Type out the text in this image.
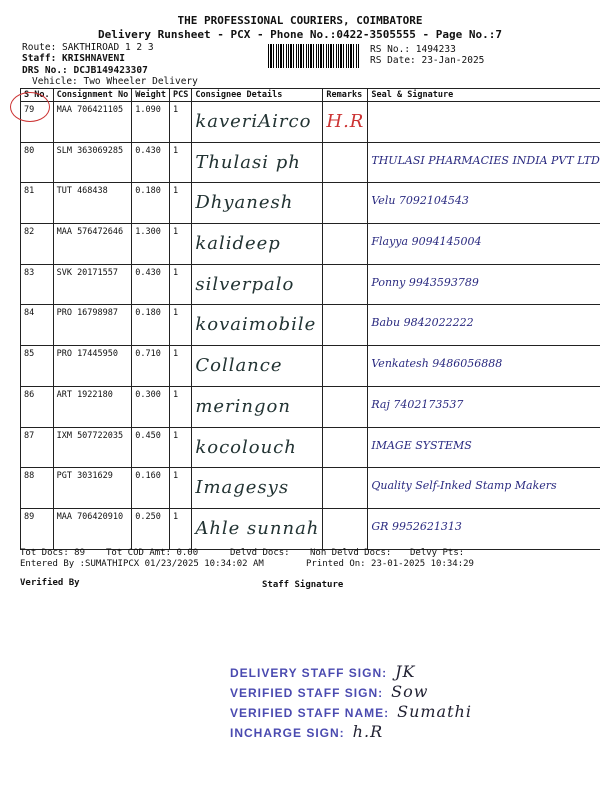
THE PROFESSIONAL COURIERS, COIMBATORE
Delivery Runsheet - PCX - Phone No.:0422-3505555 - Page No.:7
Route: SAKTHIROAD 1 2 3
Staff: KRISHNAVENI
DRS No.: DCJB149423307
Vehicle: Two Wheeler Delivery
RS No.: 1494233
RS Date: 23-Jan-2025
S No.	Consignment No	Weight	PCS	Consignee Details	Remarks	Seal & Signature
79	MAA 706421105	1.090	1	kaveriAirco	H.R	
80	SLM 363069285	0.430	1	Thulasi ph		THULASI PHARMACIES INDIA PVT LTD
81	TUT 468438	0.180	1	Dhyanesh		Velu 7092104543
82	MAA 576472646	1.300	1	kalideep		Flayya 9094145004
83	SVK 20171557	0.430	1	silverpalo		Ponny 9943593789
84	PRO 16798987	0.180	1	kovaimobile		Babu 9842022222
85	PRO 17445950	0.710	1	Collance		Venkatesh 9486056888
86	ART 1922180	0.300	1	meringon		Raj 7402173537
87	IXM 507722035	0.450	1	kocolouch		IMAGE SYSTEMS
88	PGT 3031629	0.160	1	Imagesys		Quality Self-Inked Stamp Makers
89	MAA 706420910	0.250	1	Ahle sunnah		GR 9952621313
Tot Docs: 89 Tot COD Amt: 0.00	Delvd Docs: Non Delvd Docs: Delvy Pts:
Entered By :SUMATHIPCX 01/23/2025 10:34:02 AM	Printed On: 23-01-2025 10:34:29
Verified By	Staff Signature
DELIVERY STAFF SIGN: JK
VERIFIED STAFF SIGN: Sow
VERIFIED STAFF NAME: Sumathi
INCHARGE SIGN: h.R
